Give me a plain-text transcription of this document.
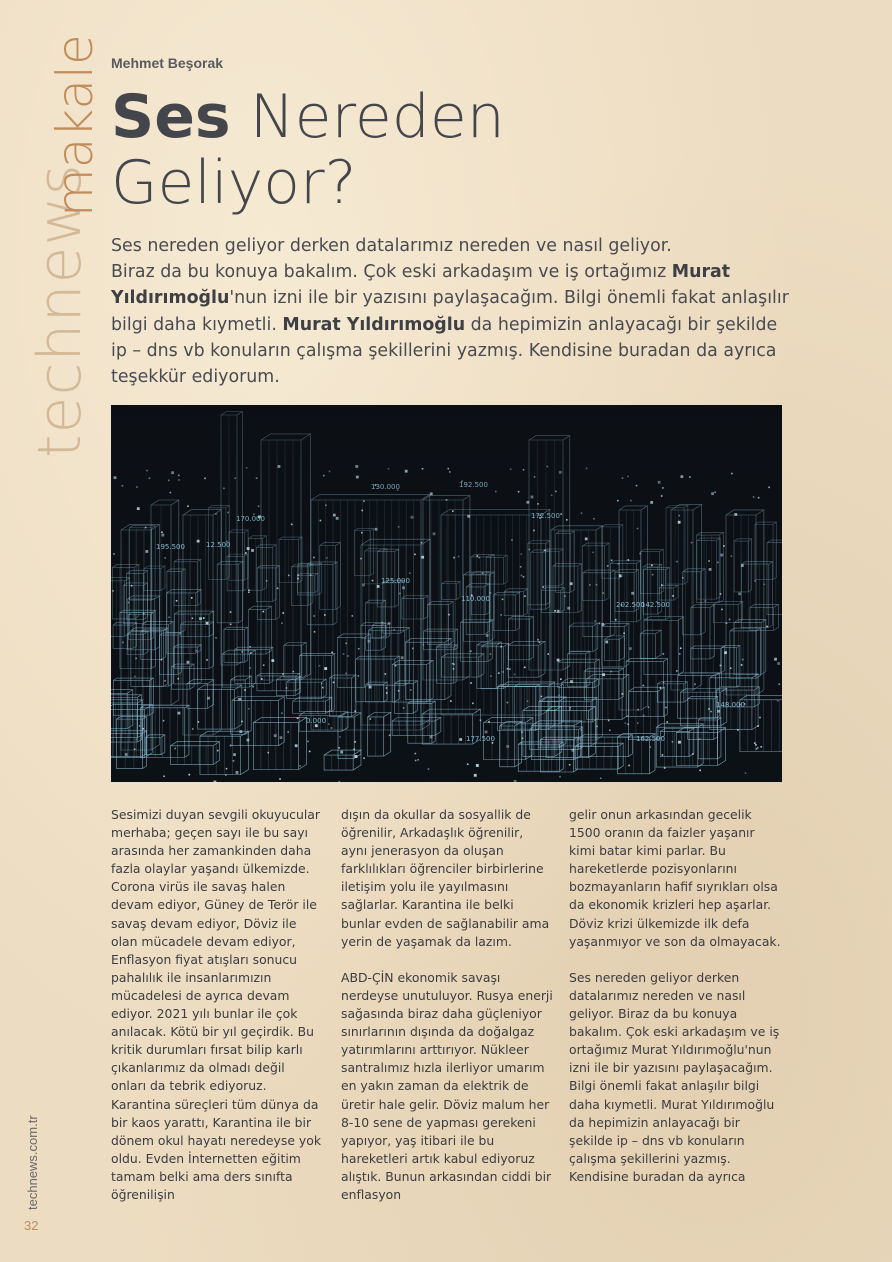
technews
makale
technews.com.tr
32
Mehmet Beşorak
Ses Nereden
Geliyor?

Ses nereden geliyor derken datalarımız nereden ve nasıl geliyor.
Biraz da bu konuya bakalım. Çok eski arkadaşım ve iş ortağımız Murat Yıldırımoğlu'nun izni ile bir yazısını paylaşacağım. Bilgi önemli fakat anlaşılır bilgi daha kıymetli. Murat Yıldırımoğlu da hepimizin anlayacağı bir şekilde ip – dns vb konuların çalışma şekillerini yazmış. Kendisine buradan da ayrıca teşekkür ediyorum.

192.500
172.500
130.000
110.000
125.000
170.000
202.500
142.500
177.500
0.000
162.500
195.500
148.000
12.500

Sesimizi duyan sevgili okuyucular merhaba; geçen sayı ile bu sayı arasında her zamankinden daha fazla olaylar yaşandı ülkemizde. Corona virüs ile savaş halen devam ediyor, Güney de Terör ile savaş devam ediyor, Döviz ile olan mücadele devam ediyor, Enflasyon fiyat atışları sonucu pahalılık ile insanlarımızın mücadelesi de ayrıca devam ediyor. 2021 yılı bunlar ile çok anılacak. Kötü bir yıl geçirdik. Bu kritik durumları fırsat bilip karlı çıkanlarımız da olmadı değil onları da tebrik ediyoruz. Karantina süreçleri tüm dünya da bir kaos yarattı, Karantina ile bir dönem okul hayatı neredeyse yok oldu. Evden İnternetten eğitim tamam belki ama ders sınıfta öğrenilişin

dışın da okullar da sosyallik de öğrenilir, Arkadaşlık öğrenilir, aynı jenerasyon da oluşan farklılıkları öğrenciler birbirlerine iletişim yolu ile yayılmasını sağlarlar. Karantina ile belki bunlar evden de sağlanabilir ama yerin de yaşamak da lazım.

ABD-ÇİN ekonomik savaşı nerdeyse unutuluyor. Rusya enerji sağasında biraz daha güçleniyor sınırlarının dışında da doğalgaz yatırımlarını arttırıyor. Nükleer santralımız hızla ilerliyor umarım en yakın zaman da elektrik de üretir hale gelir. Döviz malum her 8-10 sene de yapması gerekeni yapıyor, yaş itibari ile bu hareketleri artık kabul ediyoruz alıştık. Bunun arkasından ciddi bir enflasyon

gelir onun arkasından gecelik 1500 oranın da faizler yaşanır kimi batar kimi parlar. Bu hareketlerde pozisyonlarını bozmayanların hafif sıyrıkları olsa da ekonomik krizleri hep aşarlar. Döviz krizi ülkemizde ilk defa yaşanmıyor ve son da olmayacak.

Ses nereden geliyor derken datalarımız nereden ve nasıl geliyor. Biraz da bu konuya bakalım. Çok eski arkadaşım ve iş ortağımız Murat Yıldırımoğlu'nun izni ile bir yazısını paylaşacağım. Bilgi önemli fakat anlaşılır bilgi daha kıymetli. Murat Yıldırımoğlu da hepimizin anlayacağı bir şekilde ip – dns vb konuların çalışma şekillerini yazmış. Kendisine buradan da ayrıca
